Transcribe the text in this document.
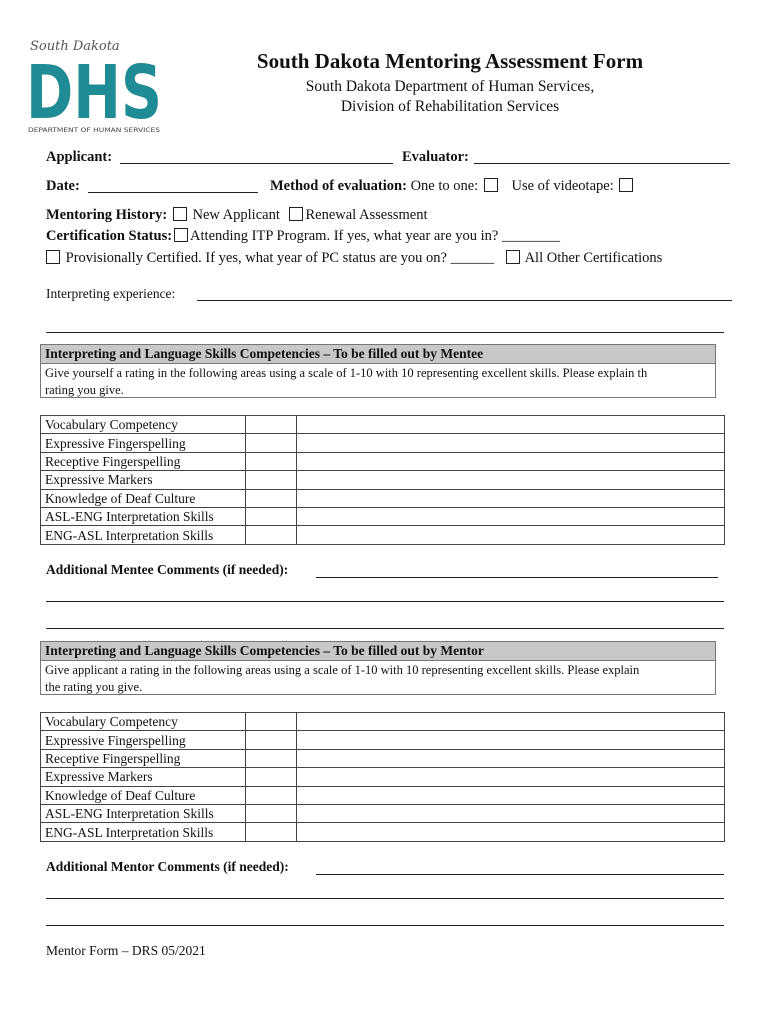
South Dakota
DHS
DEPARTMENT OF HUMAN SERVICES
South Dakota Mentoring Assessment Form
South Dakota Department of Human Services,
Division of Rehabilitation Services
Applicant:	Evaluator:
Date:	Method of evaluation: One to one: Use of videotape:
Mentoring History: New Applicant Renewal Assessment
Certification Status: Attending ITP Program. If yes, what year are you in? ________
Provisionally Certified. If yes, what year of PC status are you on? ______ All Other Certifications
Interpreting experience:
Interpreting and Language Skills Competencies – To be filled out by Mentee
Give yourself a rating in the following areas using a scale of 1-10 with 10 representing excellent skills. Please explain th
rating you give.
Vocabulary Competency		
Expressive Fingerspelling		
Receptive Fingerspelling		
Expressive Markers		
Knowledge of Deaf Culture		
ASL-ENG Interpretation Skills		
ENG-ASL Interpretation Skills		
Additional Mentee Comments (if needed):
Interpreting and Language Skills Competencies – To be filled out by Mentor
Give applicant a rating in the following areas using a scale of 1-10 with 10 representing excellent skills. Please explain
the rating you give.
Vocabulary Competency		
Expressive Fingerspelling		
Receptive Fingerspelling		
Expressive Markers		
Knowledge of Deaf Culture		
ASL-ENG Interpretation Skills		
ENG-ASL Interpretation Skills		
Additional Mentor Comments (if needed):
Mentor Form – DRS 05/2021
